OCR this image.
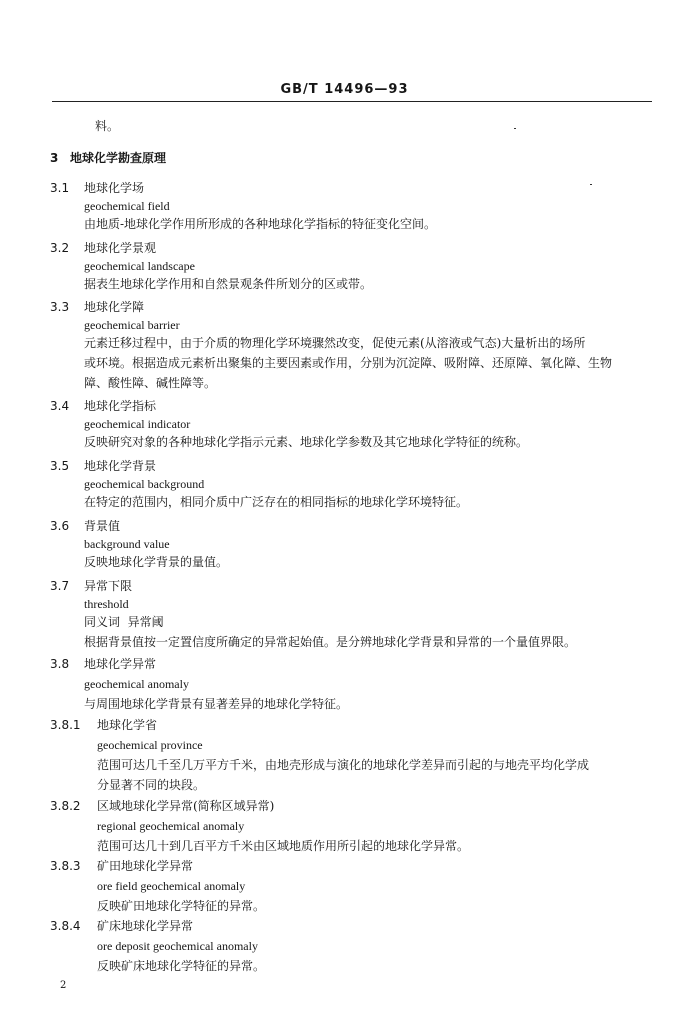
GB/T 14496—93
料。
3 地球化学勘查原理
3.1 地球化学场
geochemical field
由地质-地球化学作用所形成的各种地球化学指标的特征变化空间。
3.2 地球化学景观
geochemical landscape
据表生地球化学作用和自然景观条件所划分的区或带。
3.3 地球化学障
geochemical barrier
元素迁移过程中，由于介质的物理化学环境骤然改变，促使元素(从溶液或气态)大量析出的场所
或环境。根据造成元素析出聚集的主要因素或作用，分别为沉淀障、吸附障、还原障、氧化障、生物
障、酸性障、碱性障等。
3.4 地球化学指标
geochemical indicator
反映研究对象的各种地球化学指示元素、地球化学参数及其它地球化学特征的统称。
3.5 地球化学背景
geochemical background
在特定的范围内，相同介质中广泛存在的相同指标的地球化学环境特征。
3.6 背景值
background value
反映地球化学背景的量值。
3.7 异常下限
threshold
同义词  异常阈
根据背景值按一定置信度所确定的异常起始值。是分辨地球化学背景和异常的一个量值界限。
3.8 地球化学异常
geochemical anomaly
与周围地球化学背景有显著差异的地球化学特征。
3.8.1 地球化学省
geochemical province
范围可达几千至几万平方千米，由地壳形成与演化的地球化学差异而引起的与地壳平均化学成
分显著不同的块段。
3.8.2 区域地球化学异常(简称区域异常)
regional geochemical anomaly
范围可达几十到几百平方千米由区域地质作用所引起的地球化学异常。
3.8.3 矿田地球化学异常
ore field geochemical anomaly
反映矿田地球化学特征的异常。
3.8.4 矿床地球化学异常
ore deposit geochemical anomaly
反映矿床地球化学特征的异常。
2
